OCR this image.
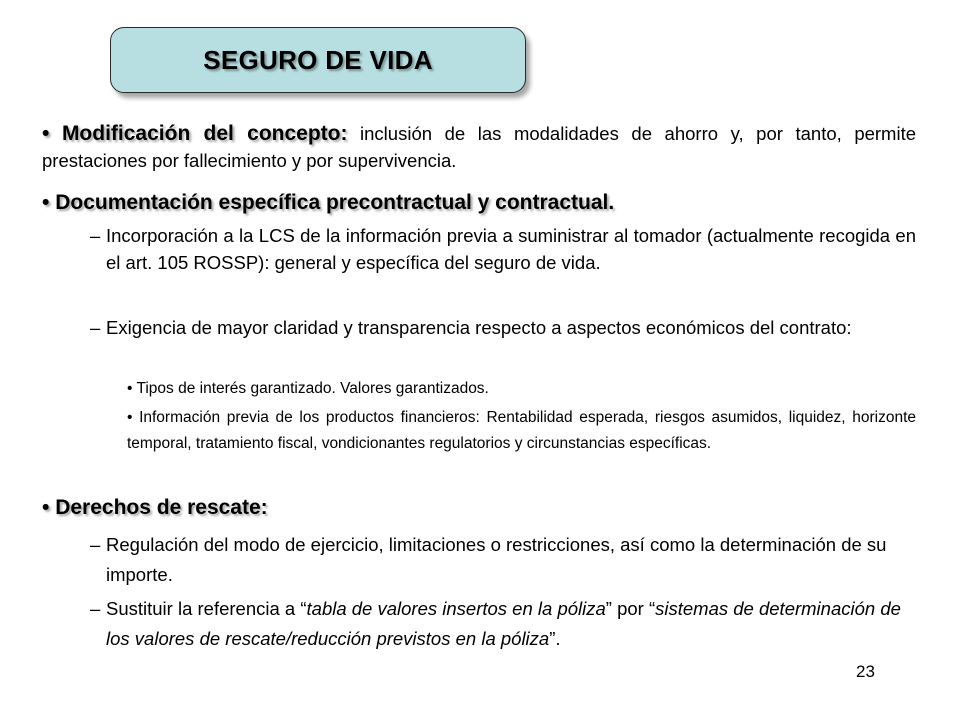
SEGURO DE VIDA
• Modificación del concepto: inclusión de las modalidades de ahorro y, por tanto, permite prestaciones por fallecimiento y por supervivencia.
• Documentación específica precontractual y contractual.
– Incorporación a la LCS de la información previa a suministrar al tomador (actualmente recogida en el art. 105 ROSSP): general y específica del seguro de vida.
– Exigencia de mayor claridad y transparencia respecto a aspectos económicos del contrato:
• Tipos de interés garantizado. Valores garantizados.
• Información previa de los productos financieros: Rentabilidad esperada, riesgos asumidos, liquidez, horizonte temporal, tratamiento fiscal, vondicionantes regulatorios y circunstancias específicas.
• Derechos de rescate:
– Regulación del modo de ejercicio, limitaciones o restricciones, así como la determinación de su importe.
– Sustituir la referencia a “tabla de valores insertos en la póliza” por “sistemas de determinación de los valores de rescate/reducción previstos en la póliza”.
23
